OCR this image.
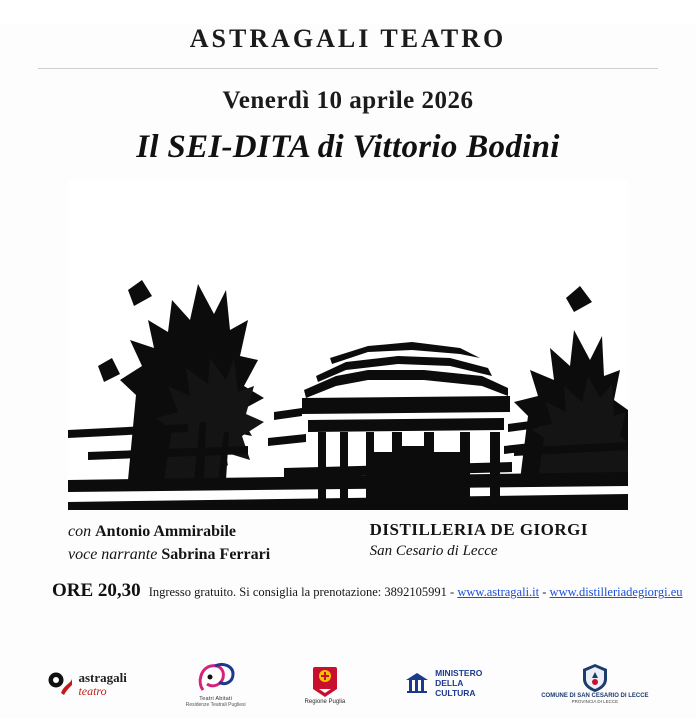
ASTRAGALI TEATRO
Venerdì 10 aprile 2026
Il SEI-DITA di Vittorio Bodini
con Antonio Ammirabile
voce narrante Sabrina Ferrari
DISTILLERIA DE GIORGI
San Cesario di Lecce
ORE 20,30 Ingresso gratuito. Si consiglia la prenotazione: 3892105991 - www.astragali.it - www.distilleriadegiorgi.eu
astragali
teatro
Teatri Abitati
Residenze Teatrali Pugliesi	Regione Puglia
MINISTERO
DELLA
CULTURA	COMUNE DI SAN CESARIO DI LECCE
PROVINCIA DI LECCE
